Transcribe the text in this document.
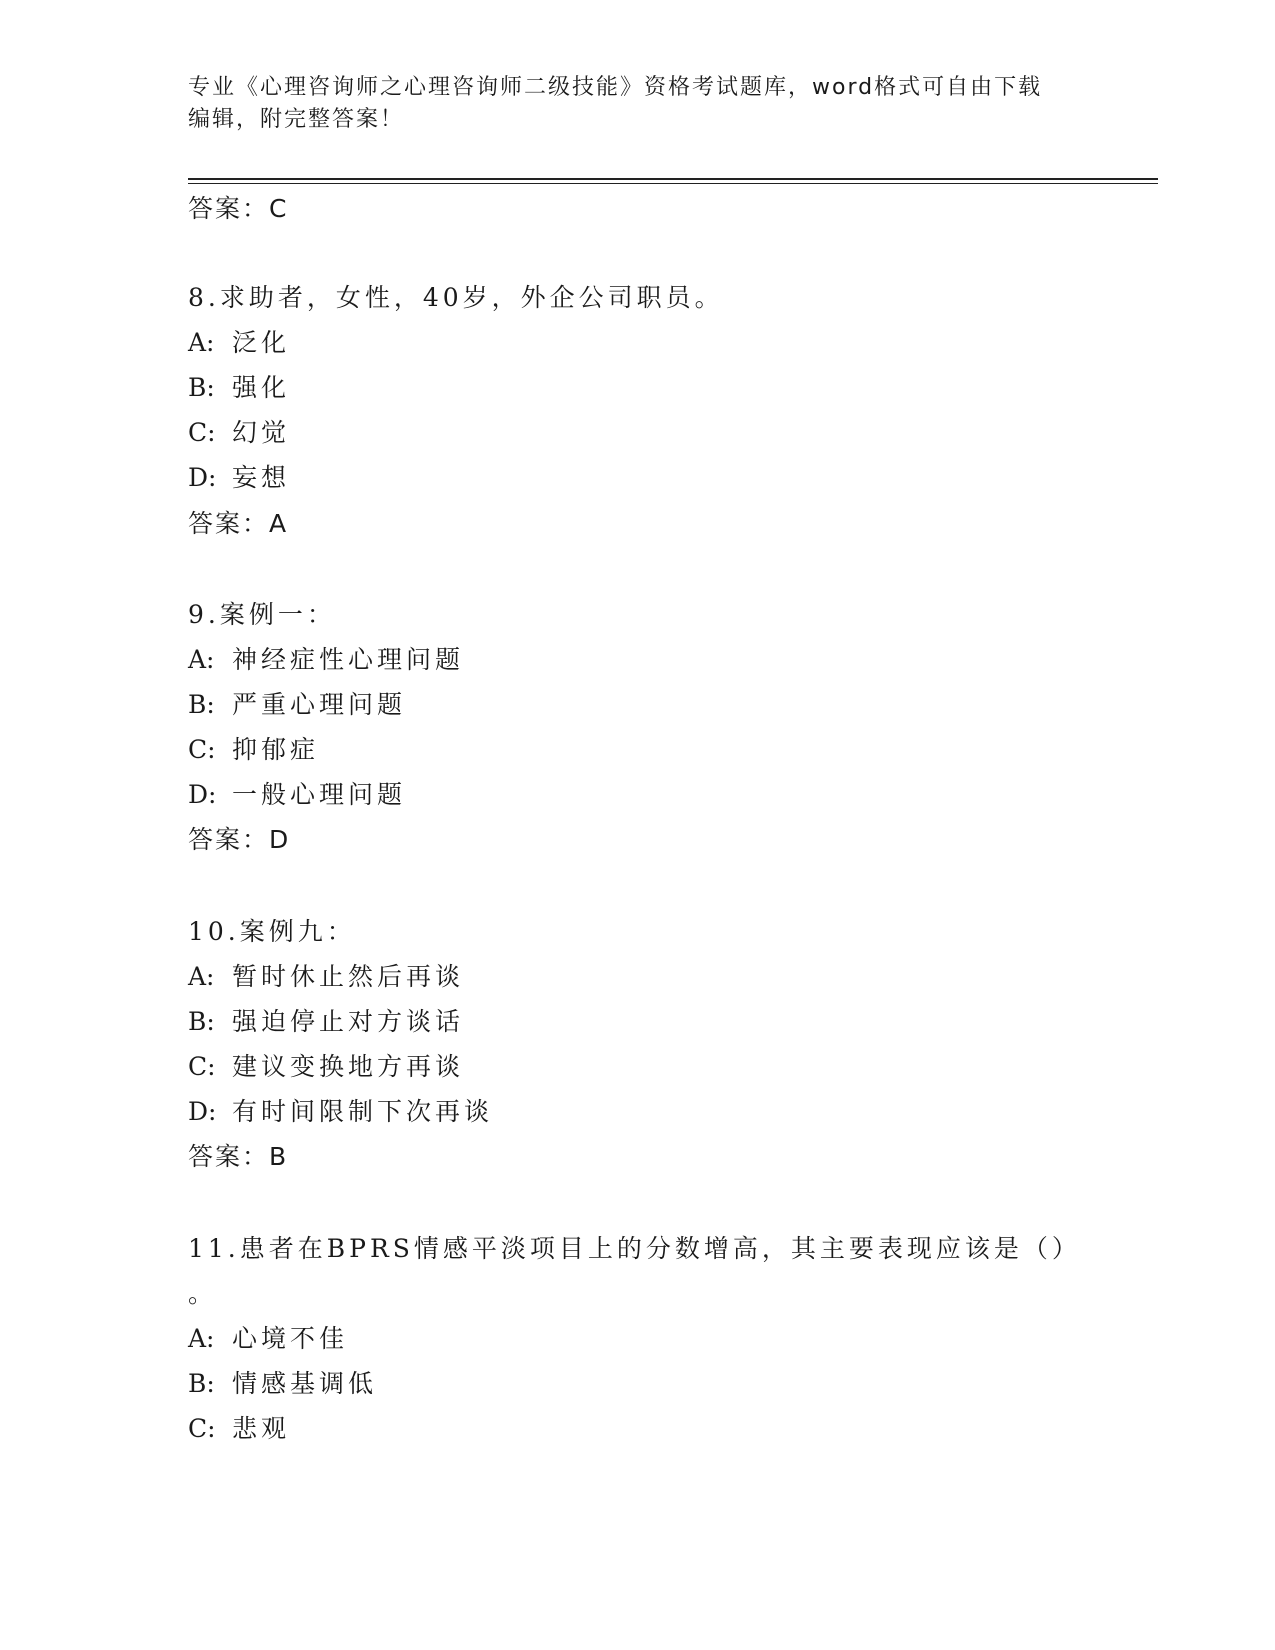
专业《心理咨询师之心理咨询师二级技能》资格考试题库，word格式可自由下载
编辑，附完整答案！
答案：C
8.求助者，女性，40岁，外企公司职员。
A: 泛化
B: 强化
C: 幻觉
D: 妄想
答案：A
9.案例一：
A: 神经症性心理问题
B: 严重心理问题
C: 抑郁症
D: 一般心理问题
答案：D
10.案例九：
A: 暂时休止然后再谈
B: 强迫停止对方谈话
C: 建议变换地方再谈
D: 有时间限制下次再谈
答案：B
11.患者在BPRS情感平淡项目上的分数增高，其主要表现应该是（）
。
A: 心境不佳
B: 情感基调低
C: 悲观
